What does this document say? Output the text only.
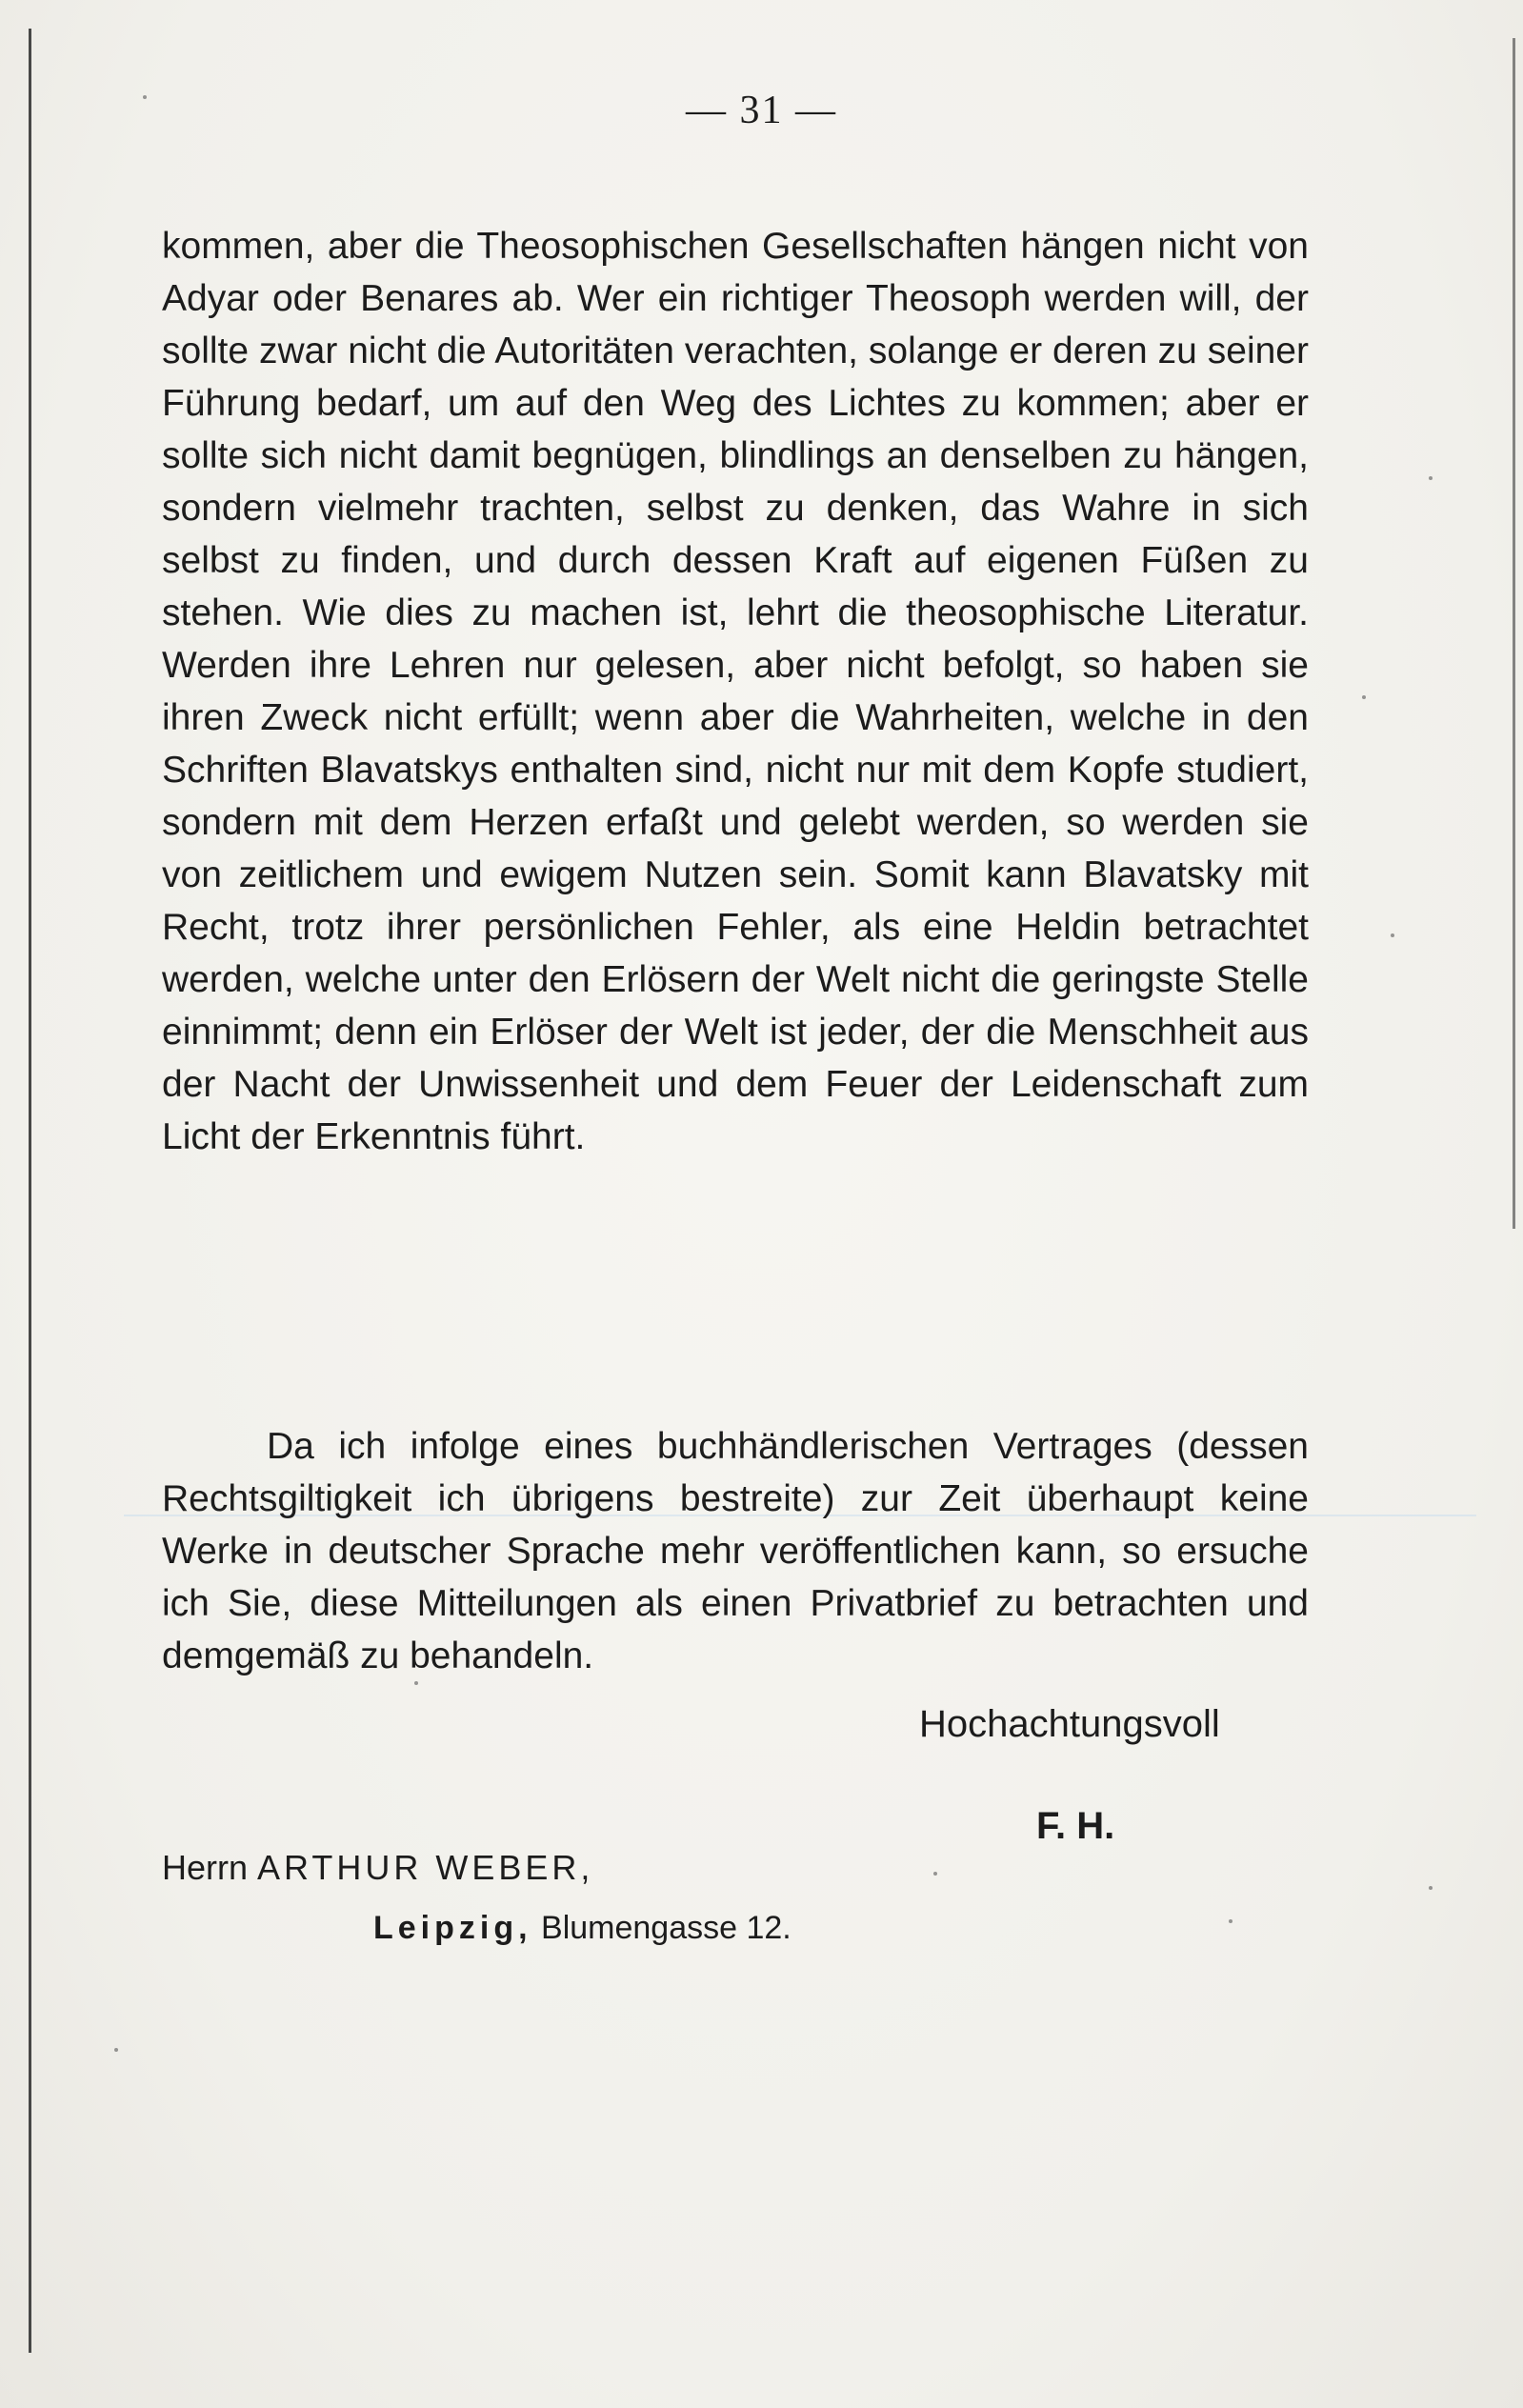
— 31 —

kommen, aber die Theosophischen Gesellschaften hängen nicht von Adyar oder Benares ab. Wer ein richtiger Theosoph werden will, der sollte zwar nicht die Autoritäten verachten, solange er deren zu seiner Führung bedarf, um auf den Weg des Lichtes zu kommen; aber er sollte sich nicht damit begnügen, blindlings an denselben zu hängen, sondern vielmehr trachten, selbst zu denken, das Wahre in sich selbst zu finden, und durch dessen Kraft auf eigenen Füßen zu stehen. Wie dies zu machen ist, lehrt die theosophische Literatur. Werden ihre Lehren nur gelesen, aber nicht befolgt, so haben sie ihren Zweck nicht erfüllt; wenn aber die Wahrheiten, welche in den Schriften Blavatskys enthalten sind, nicht nur mit dem Kopfe studiert, sondern mit dem Herzen erfaßt und gelebt werden, so werden sie von zeitlichem und ewigem Nutzen sein. Somit kann Blavatsky mit Recht, trotz ihrer persönlichen Fehler, als eine Heldin betrachtet werden, welche unter den Erlösern der Welt nicht die geringste Stelle einnimmt; denn ein Erlöser der Welt ist jeder, der die Menschheit aus der Nacht der Unwissenheit und dem Feuer der Leidenschaft zum Licht der Erkenntnis führt.

Da ich infolge eines buchhändlerischen Vertrages (dessen Rechtsgiltigkeit ich übrigens bestreite) zur Zeit überhaupt keine Werke in deutscher Sprache mehr veröffentlichen kann, so ersuche ich Sie, diese Mitteilungen als einen Privatbrief zu betrachten und demgemäß zu behandeln.

Hochachtungsvoll
F. H.
Herrn ARTHUR WEBER,
Leipzig, Blumengasse 12.
